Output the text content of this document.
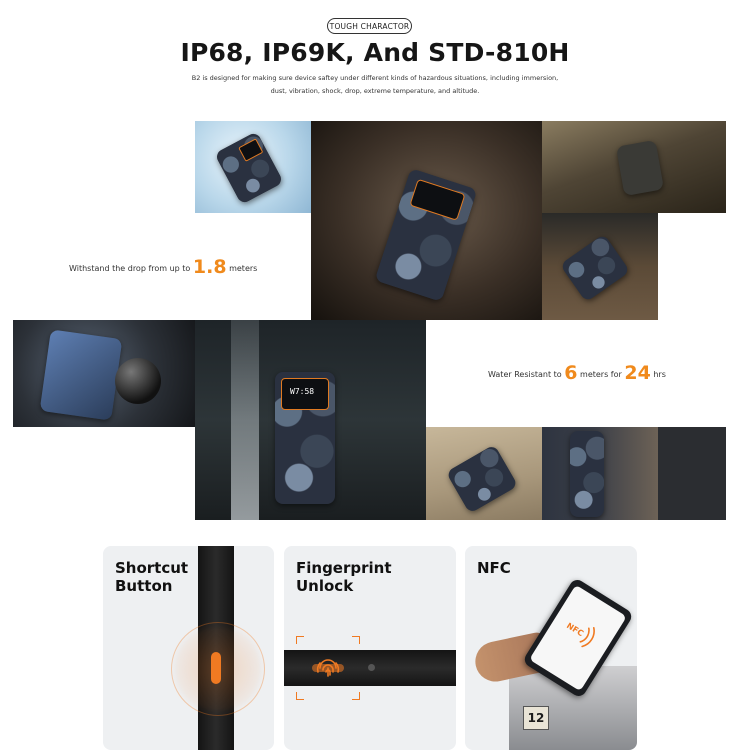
TOUGH CHARACTOR
IP68, IP69K, And STD-810H
B2 is designed for making sure device saftey under different kinds of hazardous situations, including immersion,
dust, vibration, shock, drop, extreme temperature, and altitude.
Withstand the drop from up to 1.8 meters
W7:58
Water Resistant to 6 meters for 24 hrs
Shortcut
Button
Fingerprint
Unlock
NFC
12
NFC
